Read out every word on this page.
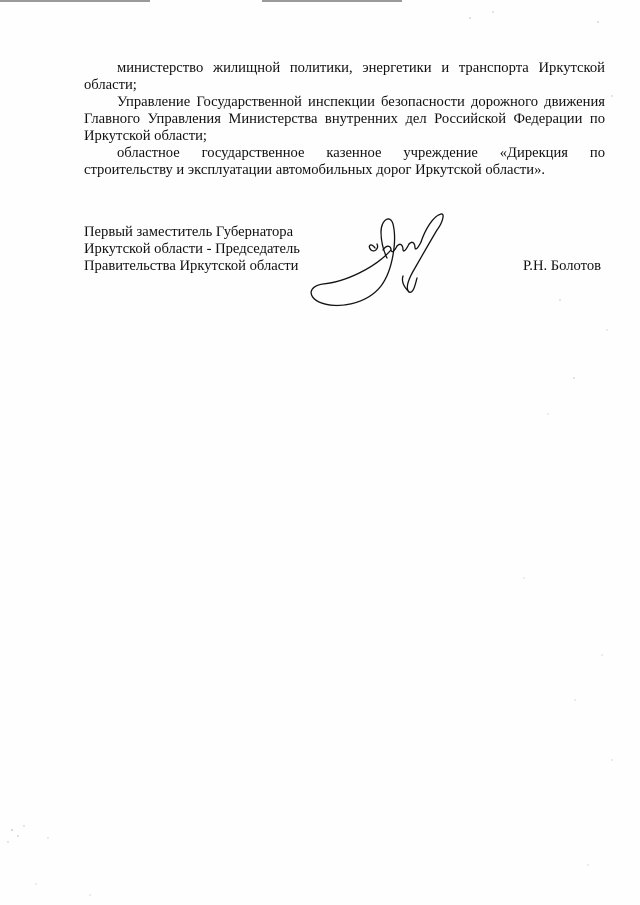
министерство жилищной политики, энергетики и транспорта Иркутской области;

Управление Государственной инспекции безопасности дорожного движения Главного Управления Министерства внутренних дел Российской Федерации по Иркутской области;

областное государственное казенное учреждение «Дирекция по строительству и эксплуатации автомобильных дорог Иркутской области».

Первый заместитель Губернатора
Иркутской области - Председатель
Правительства Иркутской области	Р.Н. Болотов
